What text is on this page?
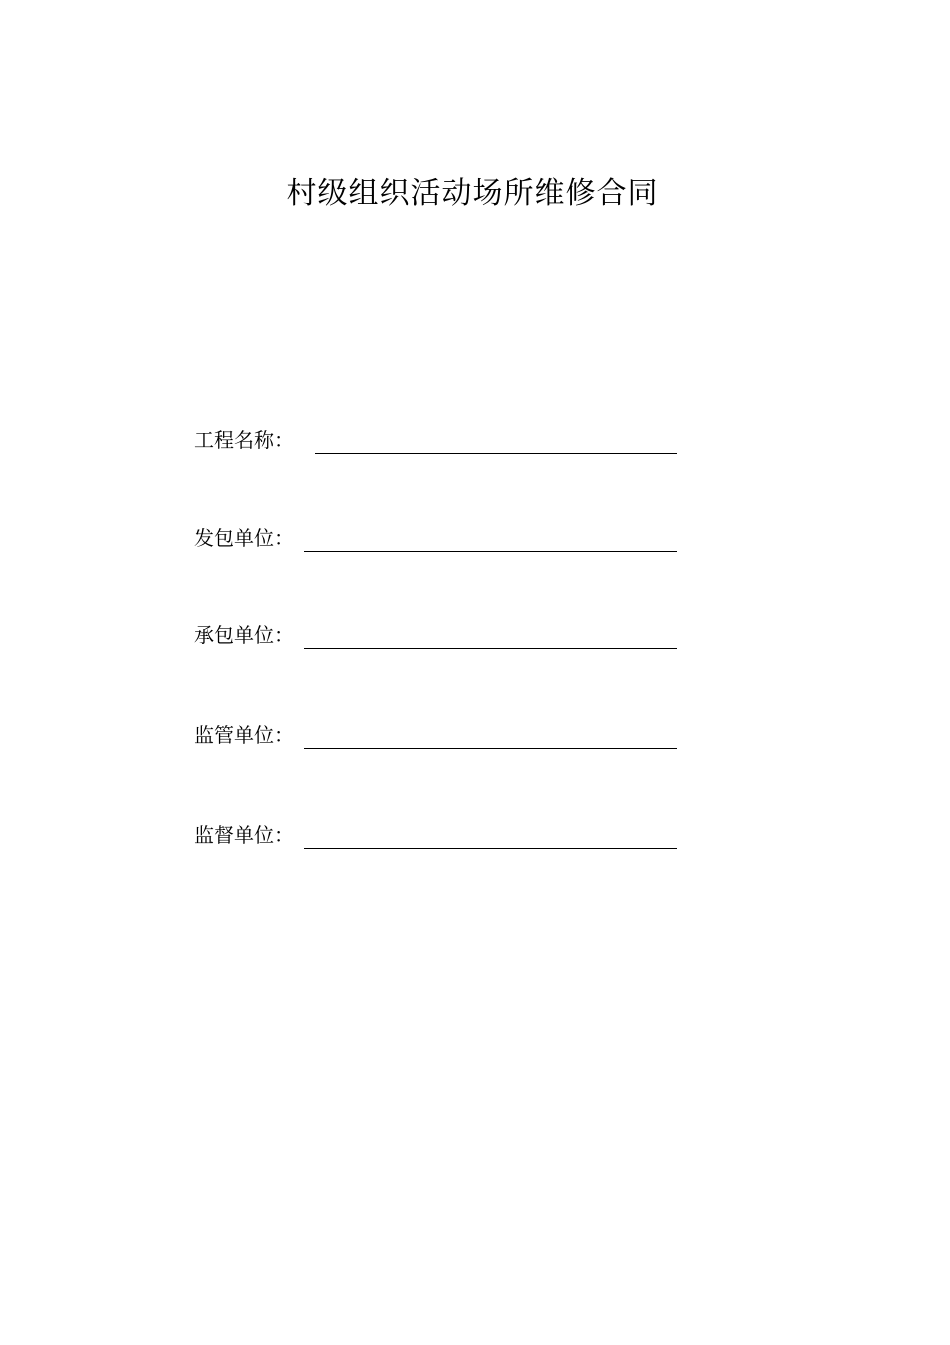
村级组织活动场所维修合同
工程名称：
发包单位：
承包单位：
监管单位：
监督单位：
